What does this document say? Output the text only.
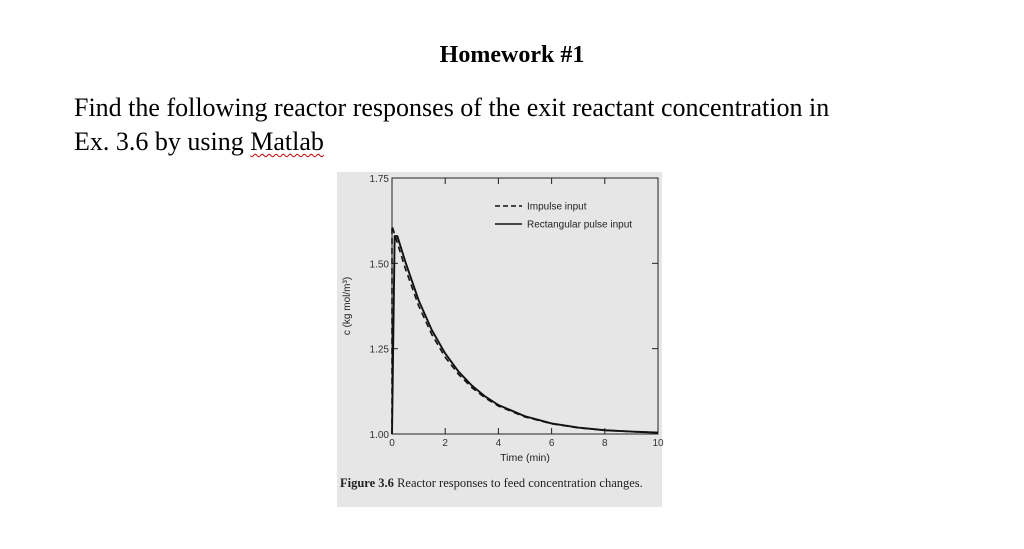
Homework #1
Find the following reactor responses of the exit reactant concentration in
Ex. 3.6 by using Matlab
0	2	4	6	8	10
1.00
1.25
1.50
1.75
Time (min)
c (kg mol/m³)
Impulse input
Rectangular pulse input
Figure 3.6 Reactor responses to feed concentration changes.
